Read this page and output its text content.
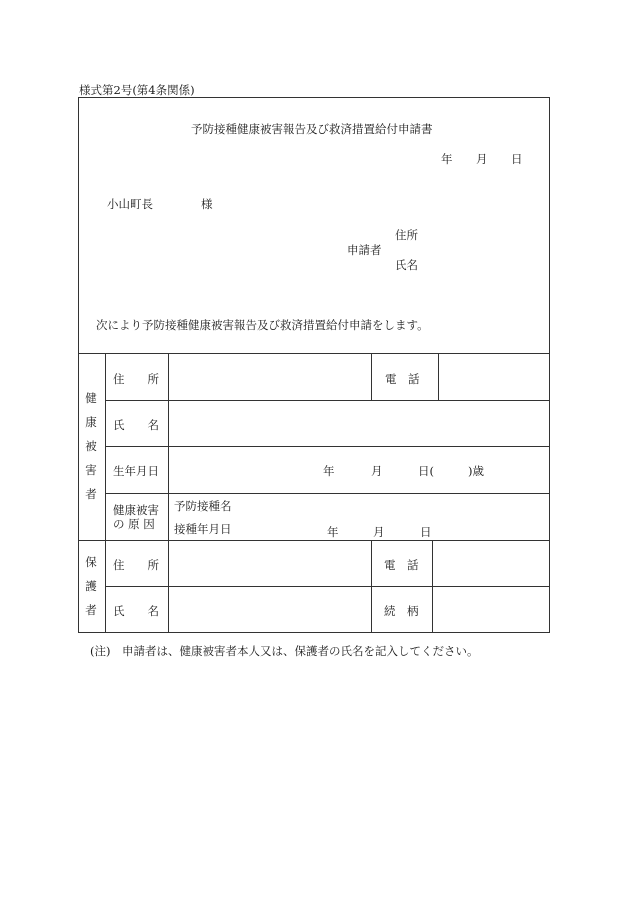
様式第2号(第4条関係)
予防接種健康被害報告及び救済措置給付申請書
年 月 日
小山町長	様
住所
申請者
氏名
次により予防接種健康被害報告及び救済措置給付申請をします。
健
康
被
害
者
住　　所	電　話
氏　　名
生年月日	年	月	日(	)歳
健康被害
の 原 因
予防接種名
接種年月日	年	月	日
保
護
者
住　　所	電　話
氏　　名	続　柄
(注)　申請者は、健康被害者本人又は、保護者の氏名を記入してください。
